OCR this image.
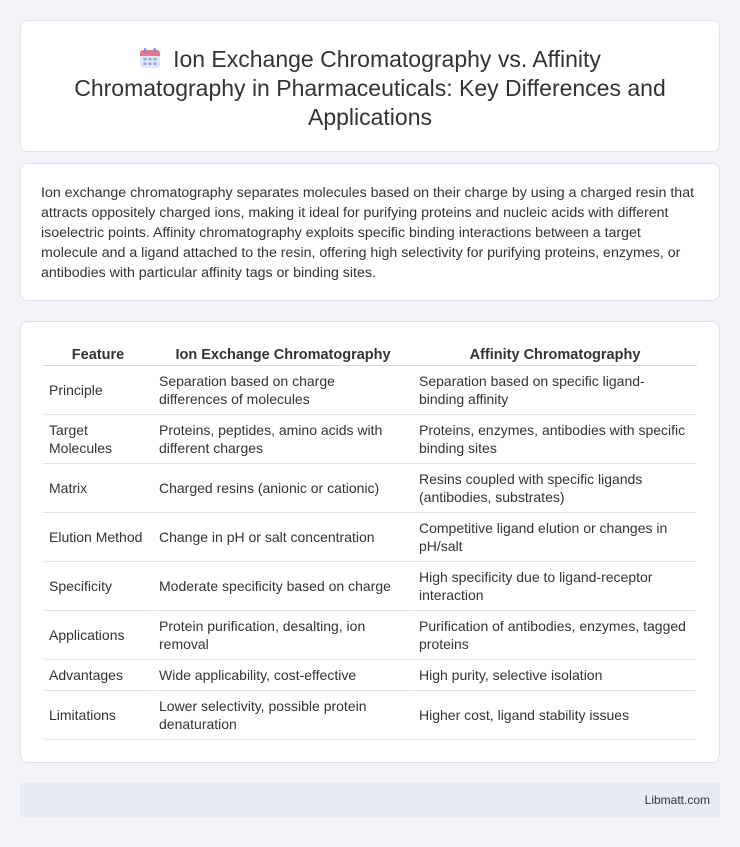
Ion Exchange Chromatography vs. Affinity Chromatography in Pharmaceuticals: Key Differences and Applications

Ion exchange chromatography separates molecules based on their charge by using a charged resin that attracts oppositely charged ions, making it ideal for purifying proteins and nucleic acids with different isoelectric points. Affinity chromatography exploits specific binding interactions between a target molecule and a ligand attached to the resin, offering high selectivity for purifying proteins, enzymes, or antibodies with particular affinity tags or binding sites.

Feature	Ion Exchange Chromatography	Affinity Chromatography
Principle	Separation based on charge differences of molecules	Separation based on specific ligand-binding affinity
Target Molecules	Proteins, peptides, amino acids with different charges	Proteins, enzymes, antibodies with specific binding sites
Matrix	Charged resins (anionic or cationic)	Resins coupled with specific ligands (antibodies, substrates)
Elution Method	Change in pH or salt concentration	Competitive ligand elution or changes in pH/salt
Specificity	Moderate specificity based on charge	High specificity due to ligand-receptor interaction
Applications	Protein purification, desalting, ion removal	Purification of antibodies, enzymes, tagged proteins
Advantages	Wide applicability, cost-effective	High purity, selective isolation
Limitations	Lower selectivity, possible protein denaturation	Higher cost, ligand stability issues
Libmatt.com
